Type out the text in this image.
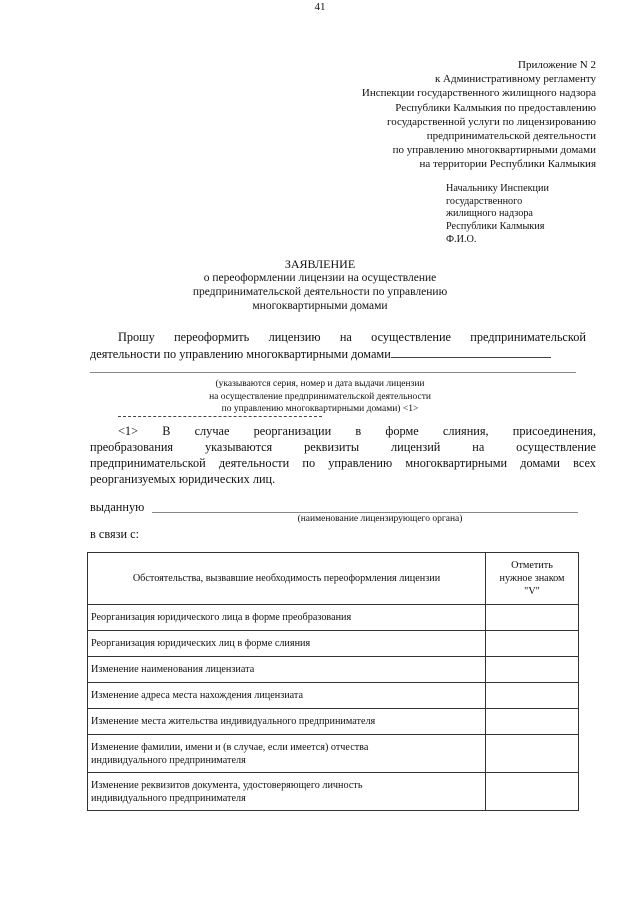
41
Приложение N 2
к Административному регламенту
Инспекции государственного жилищного надзора
Республики Калмыкия по предоставлению
государственной услуги по лицензированию
предпринимательской деятельности
по управлению многоквартирными домами
на территории Республики Калмыкия
Начальнику Инспекции
государственного
жилищного надзора
Республики Калмыкия
Ф.И.О.
ЗАЯВЛЕНИЕ
о переоформлении лицензии на осуществление
предпринимательской деятельности по управлению
многоквартирными домами
Прошу переоформить лицензию на осуществление предпринимательской
деятельности по управлению многоквартирными домами
(указываются серия, номер и дата выдачи лицензии
на осуществление предпринимательской деятельности
по управлению многоквартирными домами) <1>
<1> В случае реорганизации в форме слияния, присоединения,
преобразования	указываются	реквизиты	лицензий	на	осуществление
предпринимательской деятельности по управлению многоквартирными домами всех
реорганизуемых юридических лиц.
выданную
(наименование лицензирующего органа)
в связи с:
Обстоятельства, вызвавшие необходимость переоформления лицензии	Отметить
нужное знаком
"V"

Реорганизация юридического лица в форме преобразования	
Реорганизация юридических лиц в форме слияния	
Изменение наименования лицензиата	
Изменение адреса места нахождения лицензиата	
Изменение места жительства индивидуального предпринимателя	

Изменение фамилии, имени и (в случае, если имеется) отчества
индивидуального предпринимателя	

Изменение реквизитов документа, удостоверяющего личность
индивидуального предпринимателя	
